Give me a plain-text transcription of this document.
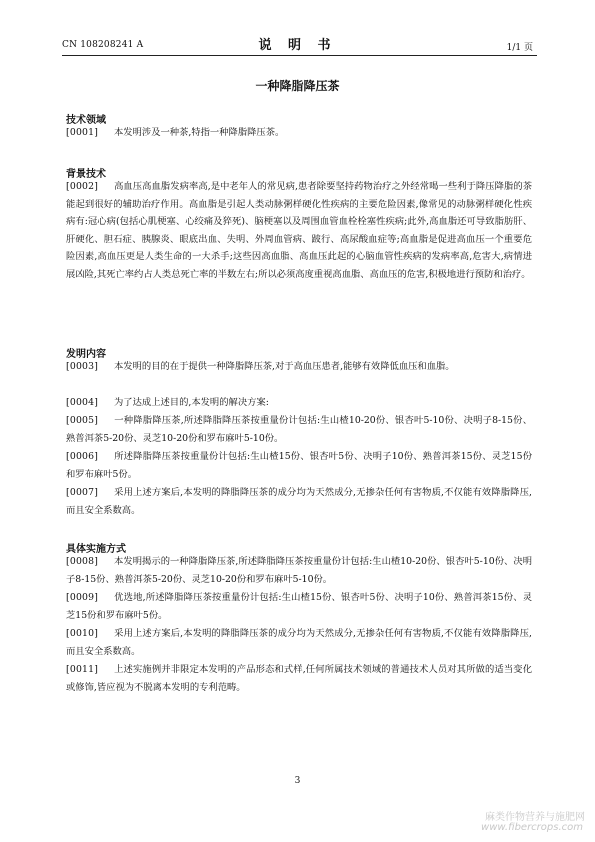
CN 108208241 A	说 明 书	1/1 页
一种降脂降压茶
技术领域
[0001] 本发明涉及一种茶,特指一种降脂降压茶。
背景技术
[0002] 高血压高血脂发病率高,是中老年人的常见病,患者除要坚持药物治疗之外经常喝一些利于降压降脂的茶能起到很好的辅助治疗作用。高血脂是引起人类动脉粥样硬化性疾病的主要危险因素,像常见的动脉粥样硬化性疾病有:冠心病(包括心肌梗塞、心绞痛及猝死)、脑梗塞以及周围血管血栓栓塞性疾病;此外,高血脂还可导致脂肪肝、肝硬化、胆石症、胰腺炎、眼底出血、失明、外周血管病、跛行、高尿酸血症等;高血脂是促进高血压一个重要危险因素,高血压更是人类生命的一大杀手;这些因高血脂、高血压此起的心脑血管性疾病的发病率高,危害大,病情进展凶险,其死亡率约占人类总死亡率的半数左右;所以必须高度重视高血脂、高血压的危害,积极地进行预防和治疗。
发明内容
[0003] 本发明的目的在于提供一种降脂降压茶,对于高血压患者,能够有效降低血压和血脂。
[0004] 为了达成上述目的,本发明的解决方案:
[0005] 一种降脂降压茶,所述降脂降压茶按重量份计包括:生山楂10-20份、银杏叶5-10份、决明子8-15份、熟普洱茶5-20份、灵芝10-20份和罗布麻叶5-10份。
[0006] 所述降脂降压茶按重量份计包括:生山楂15份、银杏叶5份、决明子10份、熟普洱茶15份、灵芝15份和罗布麻叶5份。
[0007] 采用上述方案后,本发明的降脂降压茶的成分均为天然成分,无掺杂任何有害物质,不仅能有效降脂降压,而且安全系数高。
具体实施方式
[0008] 本发明揭示的一种降脂降压茶,所述降脂降压茶按重量份计包括:生山楂10-20份、银杏叶5-10份、决明子8-15份、熟普洱茶5-20份、灵芝10-20份和罗布麻叶5-10份。
[0009] 优选地,所述降脂降压茶按重量份计包括:生山楂15份、银杏叶5份、决明子10份、熟普洱茶15份、灵芝15份和罗布麻叶5份。
[0010] 采用上述方案后,本发明的降脂降压茶的成分均为天然成分,无掺杂任何有害物质,不仅能有效降脂降压,而且安全系数高。
[0011] 上述实施例并非限定本发明的产品形态和式样,任何所属技术领域的普通技术人员对其所做的适当变化或修饰,皆应视为不脱离本发明的专利范畴。
3
麻类作物营养与施肥网
www.fibercrops.com
